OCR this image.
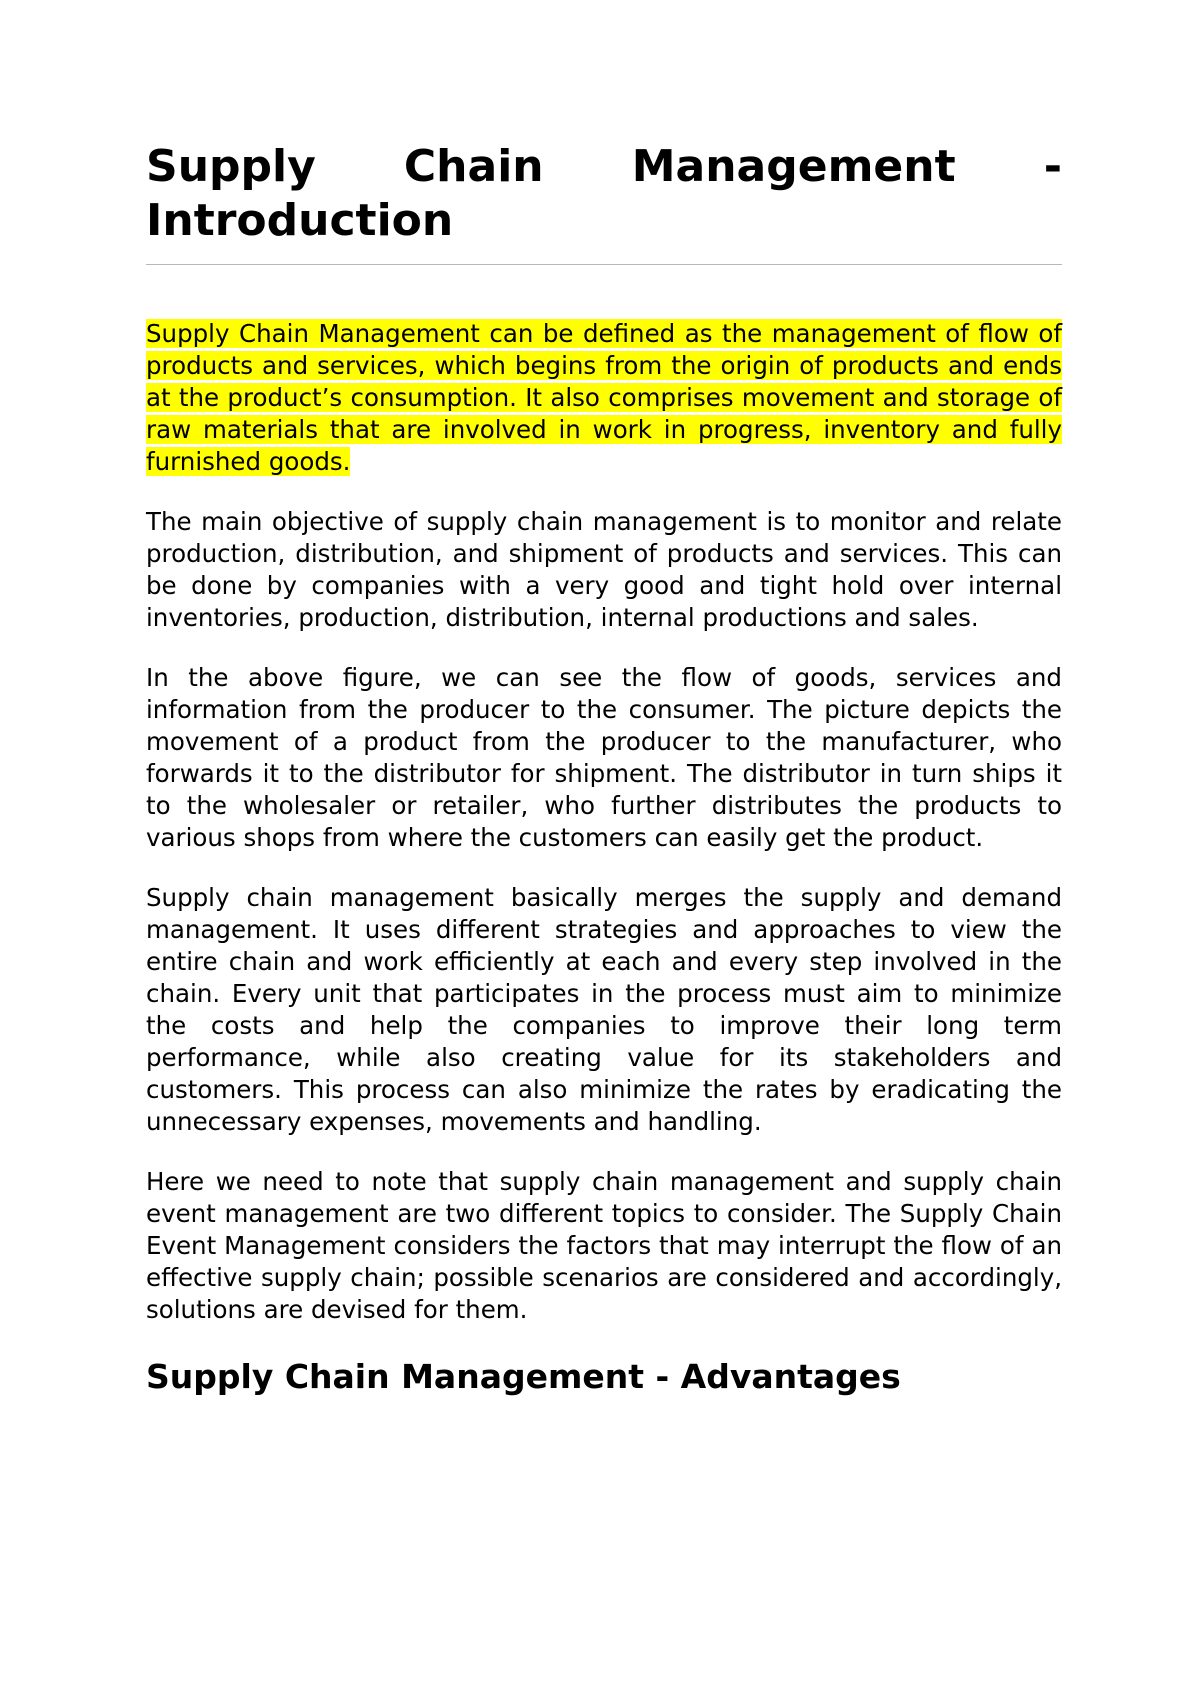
Supply Chain Management - Introduction

Supply Chain Management can be defined as the management of flow of products and services, which begins from the origin of products and ends at the product’s consumption. It also comprises movement and storage of raw materials that are involved in work in progress, inventory and fully furnished goods.

The main objective of supply chain management is to monitor and relate production, distribution, and shipment of products and services. This can be done by companies with a very good and tight hold over internal inventories, production, distribution, internal productions and sales.

In the above figure, we can see the flow of goods, services and information from the producer to the consumer. The picture depicts the movement of a product from the producer to the manufacturer, who forwards it to the distributor for shipment. The distributor in turn ships it to the wholesaler or retailer, who further distributes the products to various shops from where the customers can easily get the product.

Supply chain management basically merges the supply and demand management. It uses different strategies and approaches to view the entire chain and work efficiently at each and every step involved in the chain. Every unit that participates in the process must aim to minimize the costs and help the companies to improve their long term performance, while also creating value for its stakeholders and customers. This process can also minimize the rates by eradicating the unnecessary expenses, movements and handling.

Here we need to note that supply chain management and supply chain event management are two different topics to consider. The Supply Chain Event Management considers the factors that may interrupt the flow of an effective supply chain; possible scenarios are considered and accordingly, solutions are devised for them.

Supply Chain Management - Advantages
